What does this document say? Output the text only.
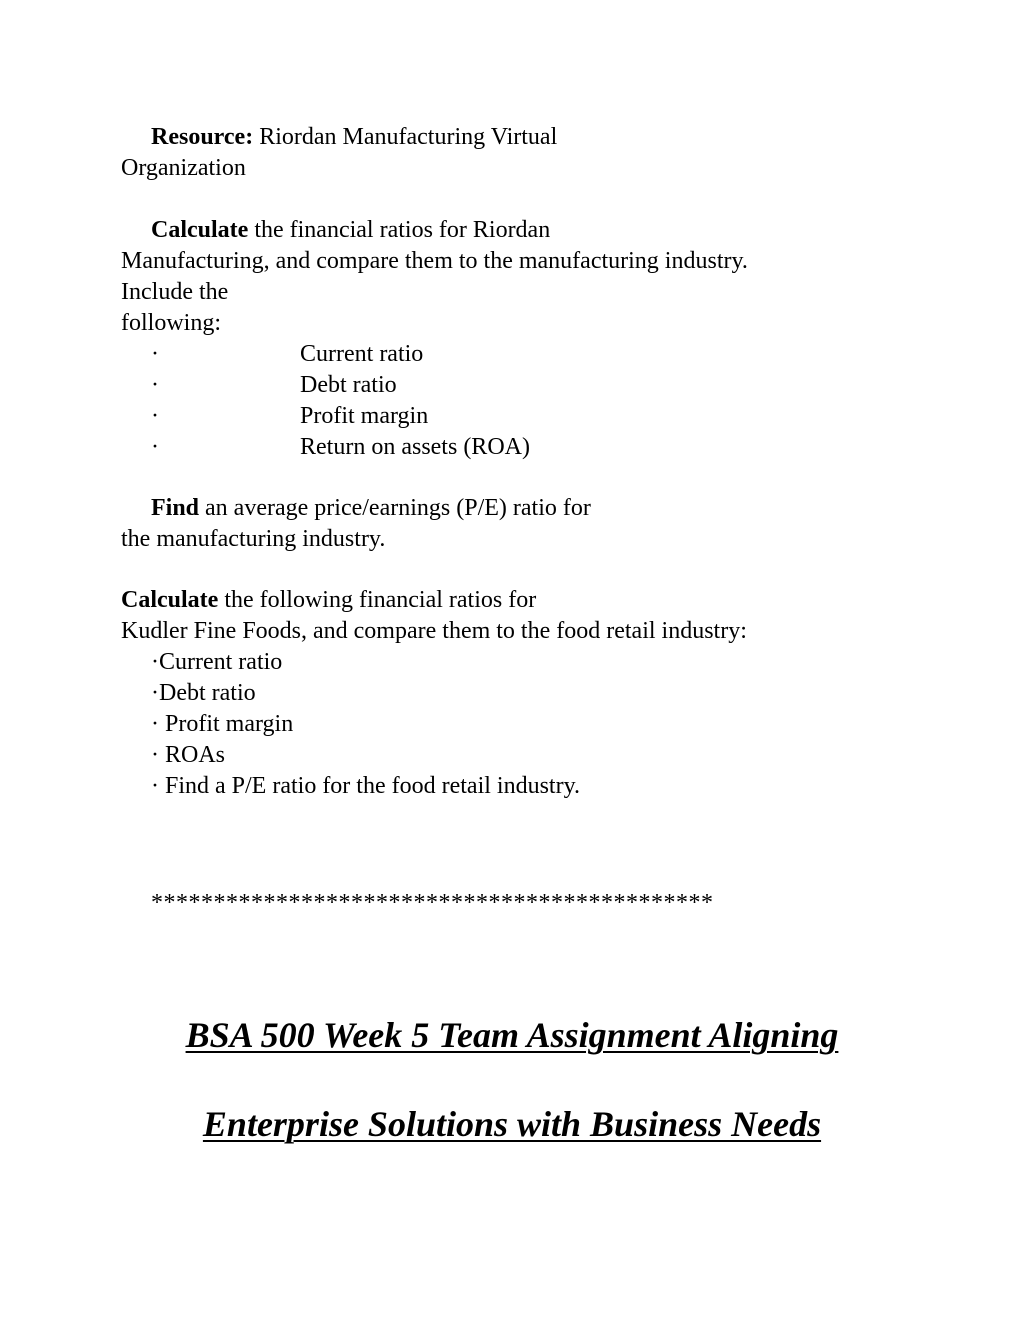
Resource: Riordan Manufacturing Virtual
Organization
Calculate the financial ratios for Riordan
Manufacturing, and compare them to the manufacturing industry.
Include the
following:
·	Current ratio
·	Debt ratio
·	Profit margin
·	Return on assets (ROA)
Find an average price/earnings (P/E) ratio for
the manufacturing industry.
Calculate the following financial ratios for
Kudler Fine Foods, and compare them to the food retail industry:
·Current ratio
·Debt ratio
· Profit margin
· ROAs
· Find a P/E ratio for the food retail industry.
*********************************************
BSA 500 Week 5 Team Assignment Aligning
Enterprise Solutions with Business Needs
